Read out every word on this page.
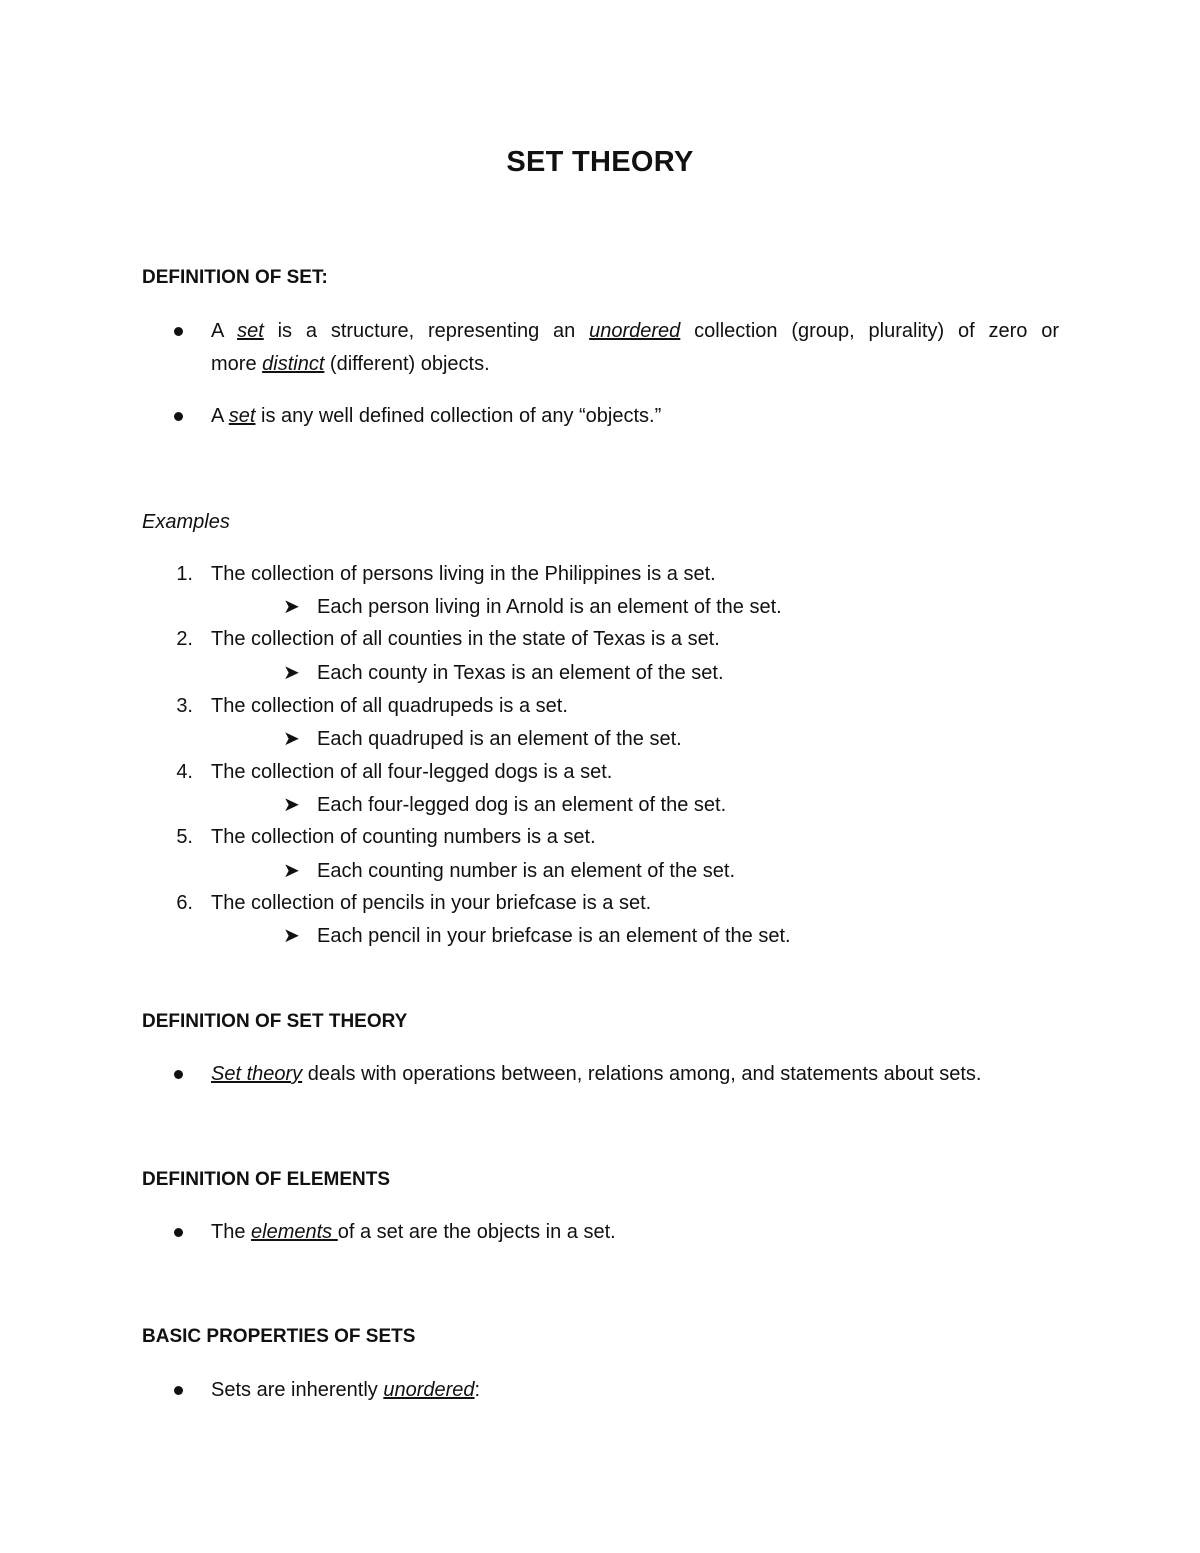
SET THEORY
DEFINITION OF SET:
A set is a structure, representing an unordered collection (group, plurality) of zero or
more distinct (different) objects.
A set is any well defined collection of any “objects.”
Examples
1. The collection of persons living in the Philippines is a set.
➤ Each person living in Arnold is an element of the set.
2. The collection of all counties in the state of Texas is a set.
➤ Each county in Texas is an element of the set.
3. The collection of all quadrupeds is a set.
➤ Each quadruped is an element of the set.
4. The collection of all four-legged dogs is a set.
➤ Each four-legged dog is an element of the set.
5. The collection of counting numbers is a set.
➤ Each counting number is an element of the set.
6. The collection of pencils in your briefcase is a set.
➤ Each pencil in your briefcase is an element of the set.
DEFINITION OF SET THEORY
Set theory deals with operations between, relations among, and statements about sets.
DEFINITION OF ELEMENTS
The elements of a set are the objects in a set.
BASIC PROPERTIES OF SETS
Sets are inherently unordered:
